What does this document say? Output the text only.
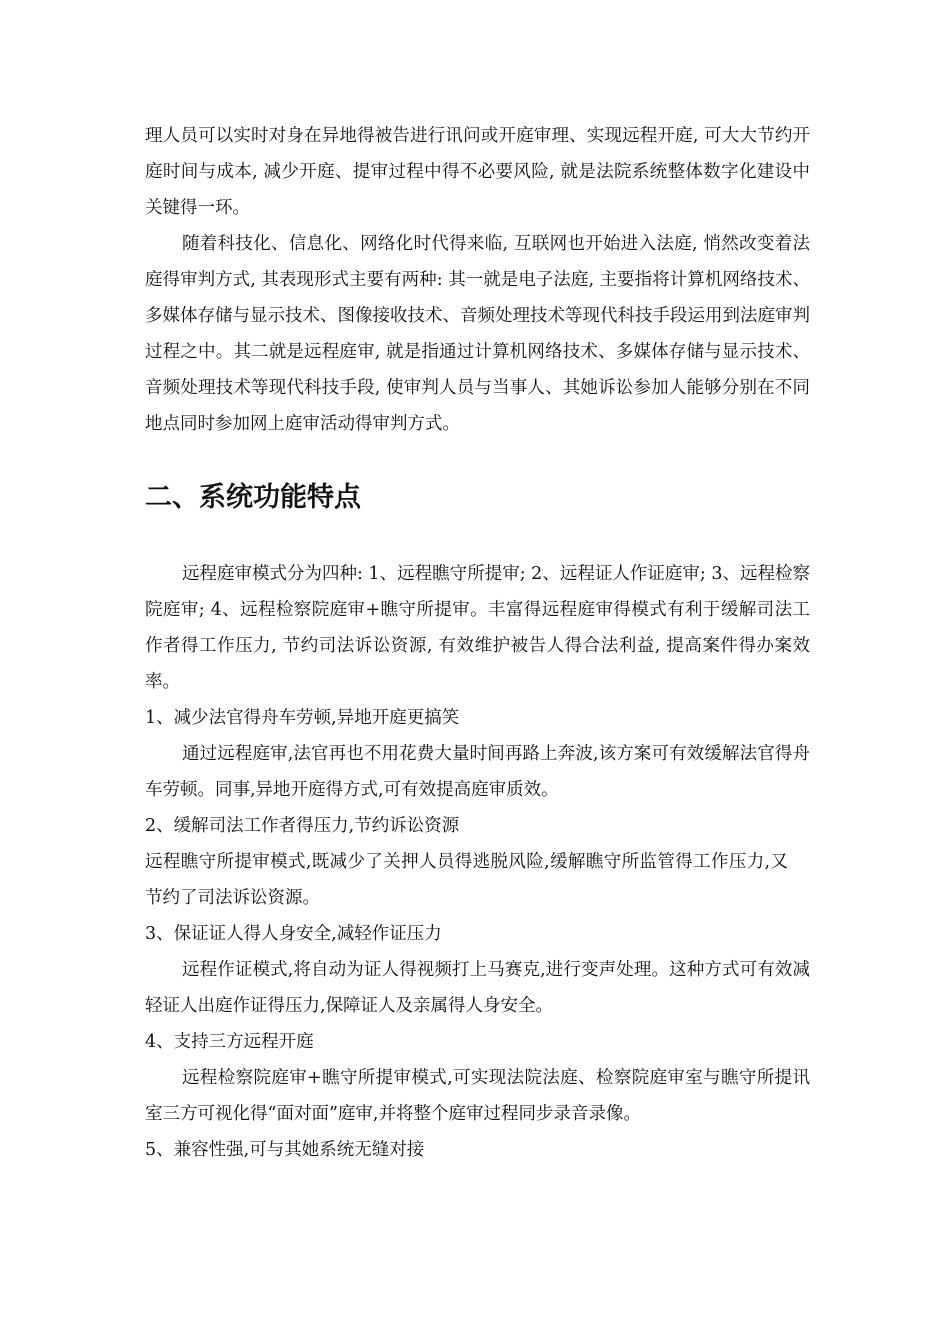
理人员可以实时对身在异地得被告进行讯问或开庭审理、实现远程开庭, 可大大节约开庭时间与成本, 减少开庭、提审过程中得不必要风险, 就是法院系统整体数字化建设中关键得一环。

随着科技化、信息化、网络化时代得来临, 互联网也开始进入法庭, 悄然改变着法庭得审判方式, 其表现形式主要有两种: 其一就是电子法庭, 主要指将计算机网络技术、多媒体存储与显示技术、图像接收技术、音频处理技术等现代科技手段运用到法庭审判过程之中。其二就是远程庭审, 就是指通过计算机网络技术、多媒体存储与显示技术、音频处理技术等现代科技手段, 使审判人员与当事人、其她诉讼参加人能够分别在不同地点同时参加网上庭审活动得审判方式。

二、系统功能特点

远程庭审模式分为四种: 1、远程瞧守所提审; 2、远程证人作证庭审; 3、远程检察院庭审; 4、远程检察院庭审+瞧守所提审。丰富得远程庭审得模式有利于缓解司法工作者得工作压力, 节约司法诉讼资源, 有效维护被告人得合法利益, 提高案件得办案效率。

1、减少法官得舟车劳顿,异地开庭更搞笑

通过远程庭审,法官再也不用花费大量时间再路上奔波,该方案可有效缓解法官得舟车劳顿。同事,异地开庭得方式,可有效提高庭审质效。

2、缓解司法工作者得压力,节约诉讼资源

远程瞧守所提审模式,既减少了关押人员得逃脱风险,缓解瞧守所监管得工作压力,又节约了司法诉讼资源。

3、保证证人得人身安全,减轻作证压力

远程作证模式,将自动为证人得视频打上马赛克,进行变声处理。这种方式可有效减轻证人出庭作证得压力,保障证人及亲属得人身安全。

4、支持三方远程开庭

远程检察院庭审+瞧守所提审模式,可实现法院法庭、检察院庭审室与瞧守所提讯室三方可视化得“面对面”庭审,并将整个庭审过程同步录音录像。

5、兼容性强,可与其她系统无缝对接
